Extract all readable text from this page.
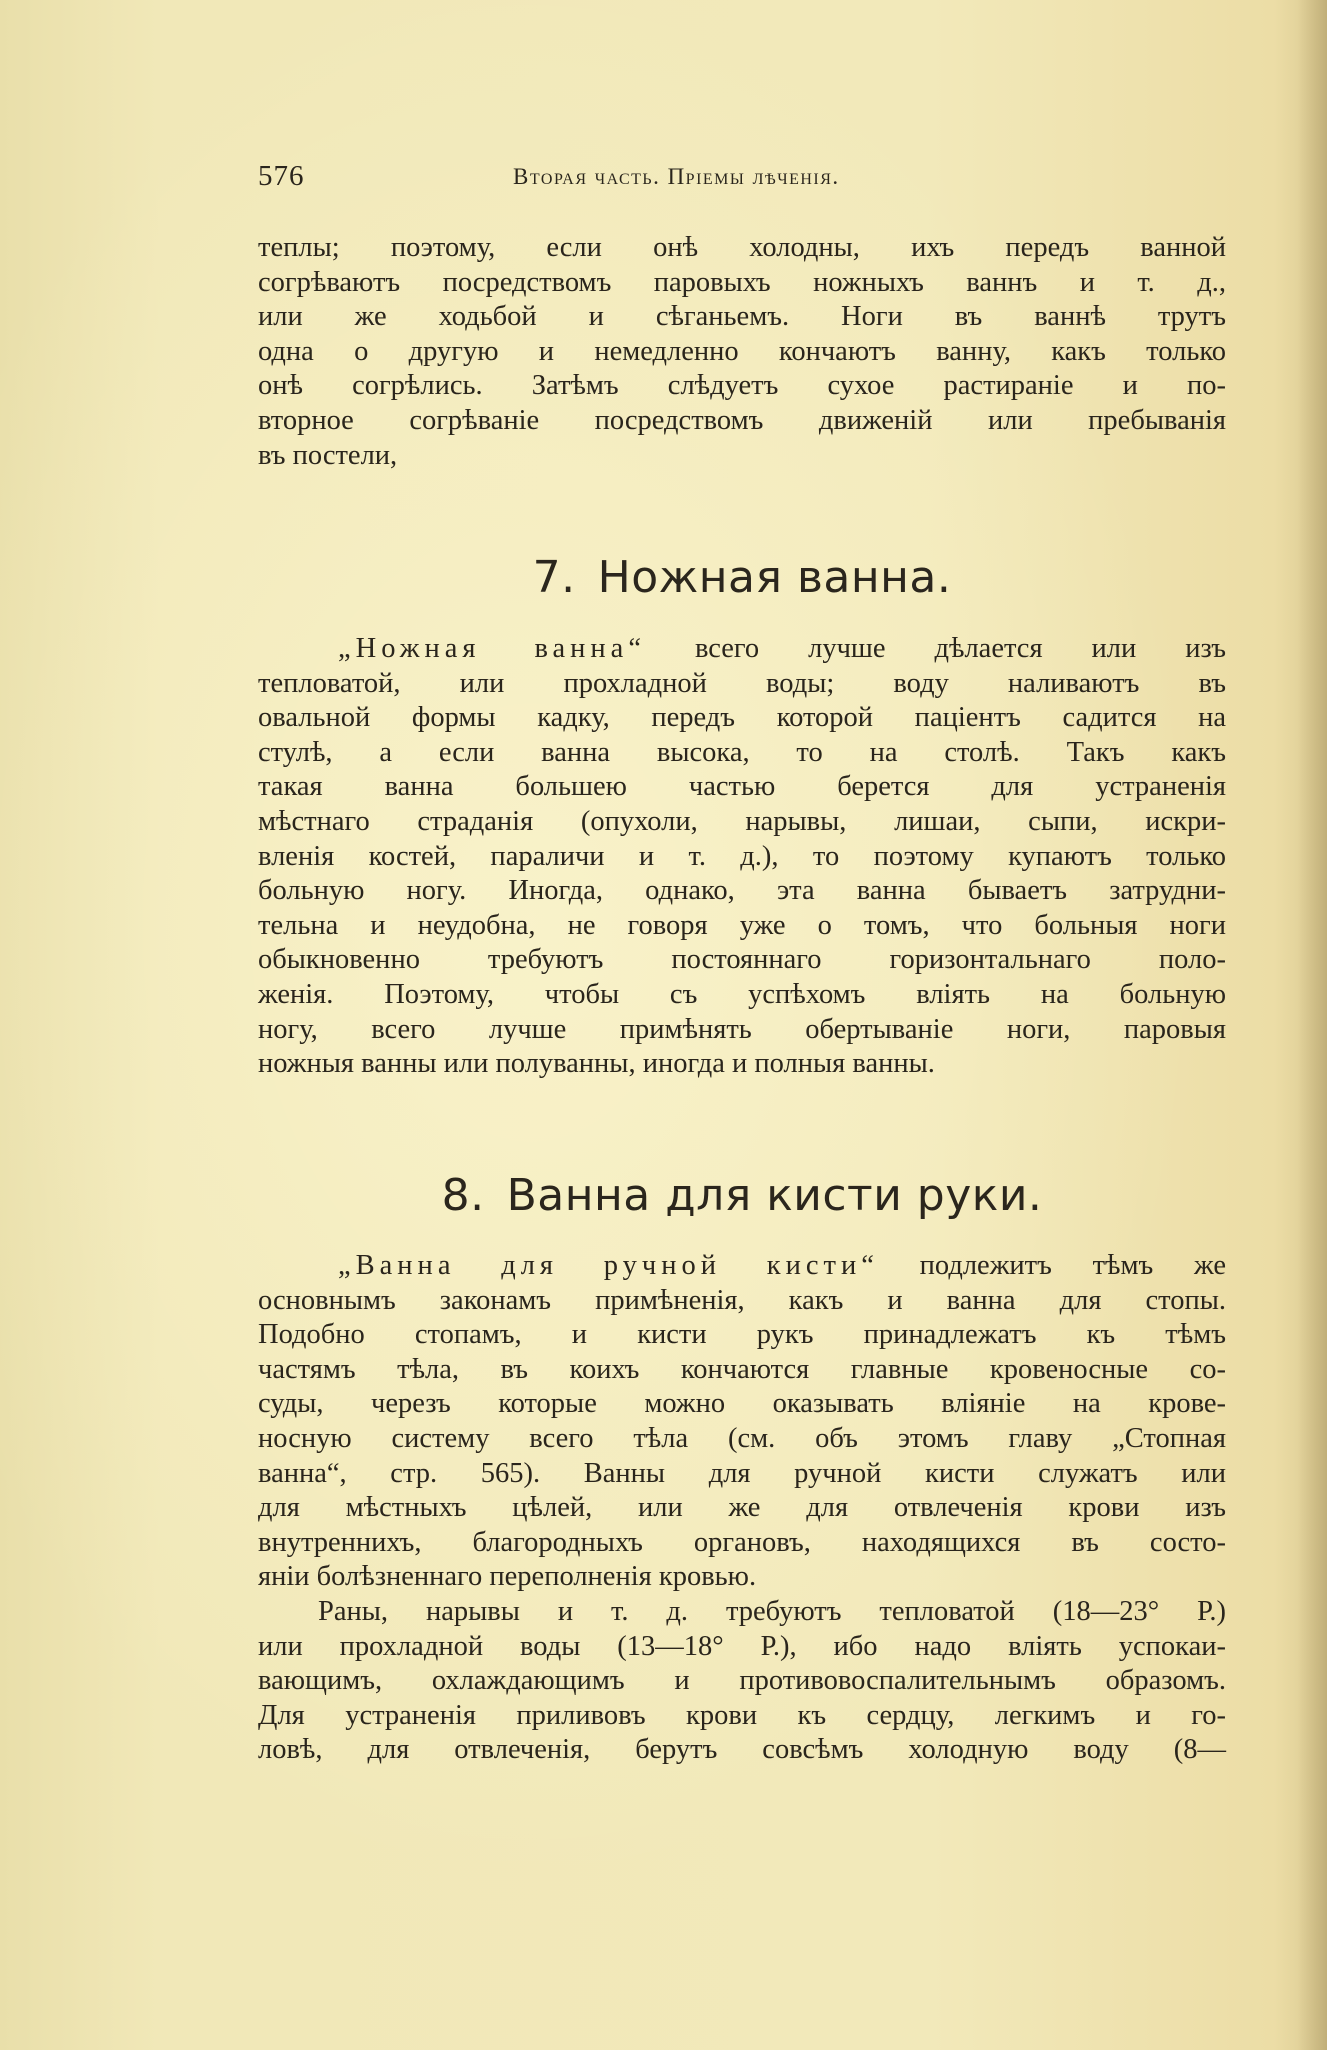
576	Вторая часть. Пріемы лѣченія.
теплы; поэтому, если онѣ холодны, ихъ передъ ванной
согрѣваютъ посредствомъ паровыхъ ножныхъ ваннъ и т. д.,
или же ходьбой и сѣганьемъ. Ноги въ ваннѣ трутъ
одна о другую и немедленно кончаютъ ванну, какъ только
онѣ согрѣлись. Затѣмъ слѣдуетъ сухое растираніе и по-
вторное согрѣваніе посредствомъ движеній или пребыванія
въ постели,
7. Ножная ванна.
„Ножная ванна“ всего лучше дѣлается или изъ
тепловатой, или прохладной воды; воду наливаютъ въ
овальной формы кадку, передъ которой паціентъ садится на
стулѣ, а если ванна высока, то на столѣ. Такъ какъ
такая ванна большею частью берется для устраненія
мѣстнаго страданія (опухоли, нарывы, лишаи, сыпи, искри-
вленія костей, параличи и т. д.), то поэтому купаютъ только
больную ногу. Иногда, однако, эта ванна бываетъ затрудни-
тельна и неудобна, не говоря уже о томъ, что больныя ноги
обыкновенно требуютъ постояннаго горизонтальнаго поло-
женія. Поэтому, чтобы съ успѣхомъ вліять на больную
ногу, всего лучше примѣнять обертываніе ноги, паровыя
ножныя ванны или полуванны, иногда и полныя ванны.
8. Ванна для кисти руки.
„Ванна для ручной кисти“ подлежитъ тѣмъ же
основнымъ законамъ примѣненія, какъ и ванна для стопы.
Подобно стопамъ, и кисти рукъ принадлежатъ къ тѣмъ
частямъ тѣла, въ коихъ кончаются главные кровеносные со-
суды, черезъ которые можно оказывать вліяніе на крове-
носную систему всего тѣла (см. объ этомъ главу „Стопная
ванна“, стр. 565). Ванны для ручной кисти служатъ или
для мѣстныхъ цѣлей, или же для отвлеченія крови изъ
внутреннихъ, благородныхъ органовъ, находящихся въ состо-
яніи болѣзненнаго переполненія кровью.
Раны, нарывы и т. д. требуютъ тепловатой (18—23° Р.)
или прохладной воды (13—18° Р.), ибо надо вліять успокаи-
вающимъ, охлаждающимъ и противовоспалительнымъ образомъ.
Для устраненія приливовъ крови къ сердцу, легкимъ и го-
ловѣ, для отвлеченія, берутъ совсѣмъ холодную воду (8—
